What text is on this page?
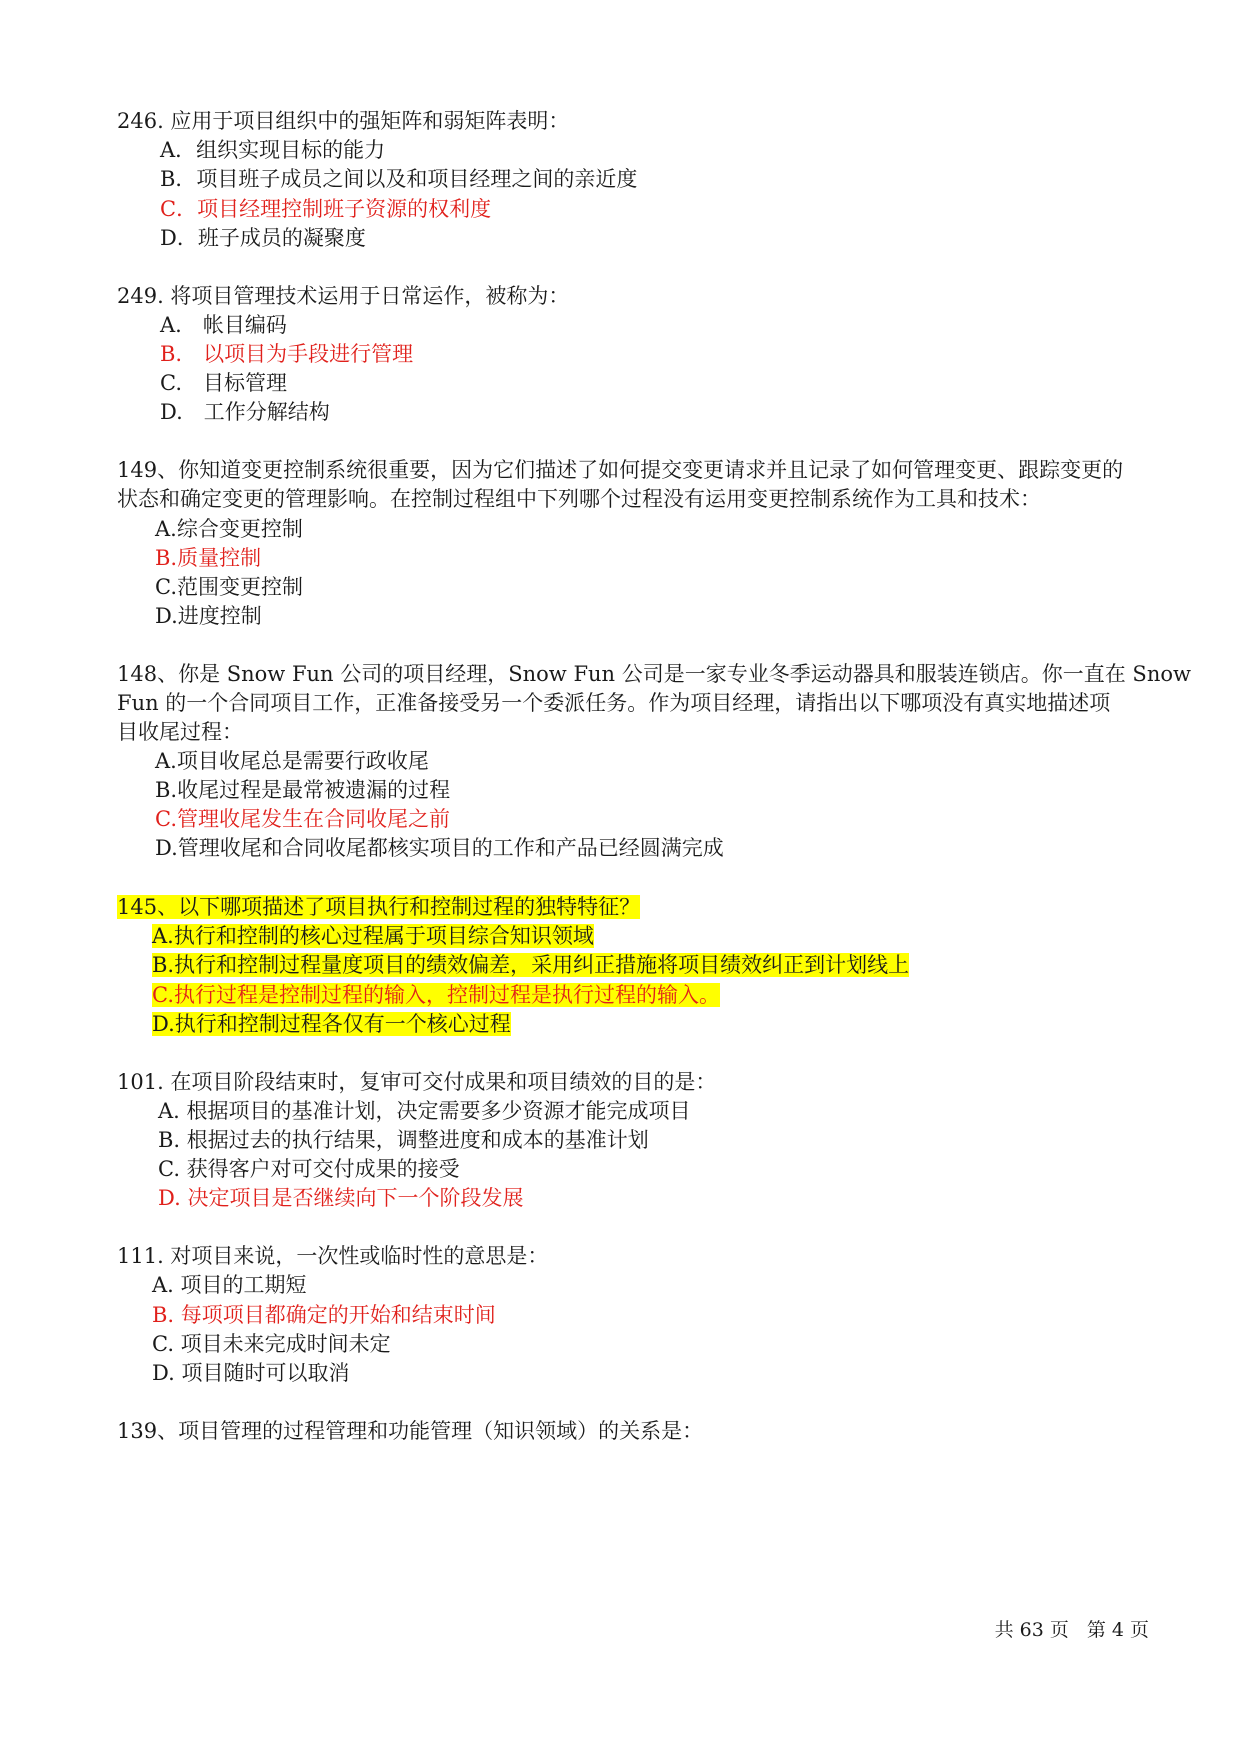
246. 应用于项目组织中的强矩阵和弱矩阵表明：
A．组织实现目标的能力
B．项目班子成员之间以及和项目经理之间的亲近度
C．项目经理控制班子资源的权利度
D．班子成员的凝聚度
249. 将项目管理技术运用于日常运作，被称为：
A.　帐目编码
B.　以项目为手段进行管理
C.　目标管理
D.　工作分解结构
149、你知道变更控制系统很重要，因为它们描述了如何提交变更请求并且记录了如何管理变更、跟踪变更的
状态和确定变更的管理影响。在控制过程组中下列哪个过程没有运用变更控制系统作为工具和技术：
A.综合变更控制
B.质量控制
C.范围变更控制
D.进度控制
148、你是 Snow Fun 公司的项目经理，Snow Fun 公司是一家专业冬季运动器具和服装连锁店。你一直在 Snow
Fun 的一个合同项目工作，正准备接受另一个委派任务。作为项目经理，请指出以下哪项没有真实地描述项
目收尾过程：
A.项目收尾总是需要行政收尾
B.收尾过程是最常被遗漏的过程
C.管理收尾发生在合同收尾之前
D.管理收尾和合同收尾都核实项目的工作和产品已经圆满完成
145、以下哪项描述了项目执行和控制过程的独特特征？
A.执行和控制的核心过程属于项目综合知识领域
B.执行和控制过程量度项目的绩效偏差，采用纠正措施将项目绩效纠正到计划线上
C.执行过程是控制过程的输入，控制过程是执行过程的输入。
D.执行和控制过程各仅有一个核心过程
101. 在项目阶段结束时，复审可交付成果和项目绩效的目的是：
A. 根据项目的基准计划，决定需要多少资源才能完成项目
B. 根据过去的执行结果，调整进度和成本的基准计划
C. 获得客户对可交付成果的接受
D. 决定项目是否继续向下一个阶段发展
111. 对项目来说，一次性或临时性的意思是：
A. 项目的工期短
B. 每项项目都确定的开始和结束时间
C. 项目未来完成时间未定
D. 项目随时可以取消
139、项目管理的过程管理和功能管理（知识领域）的关系是：
共 63 页 第 4 页
